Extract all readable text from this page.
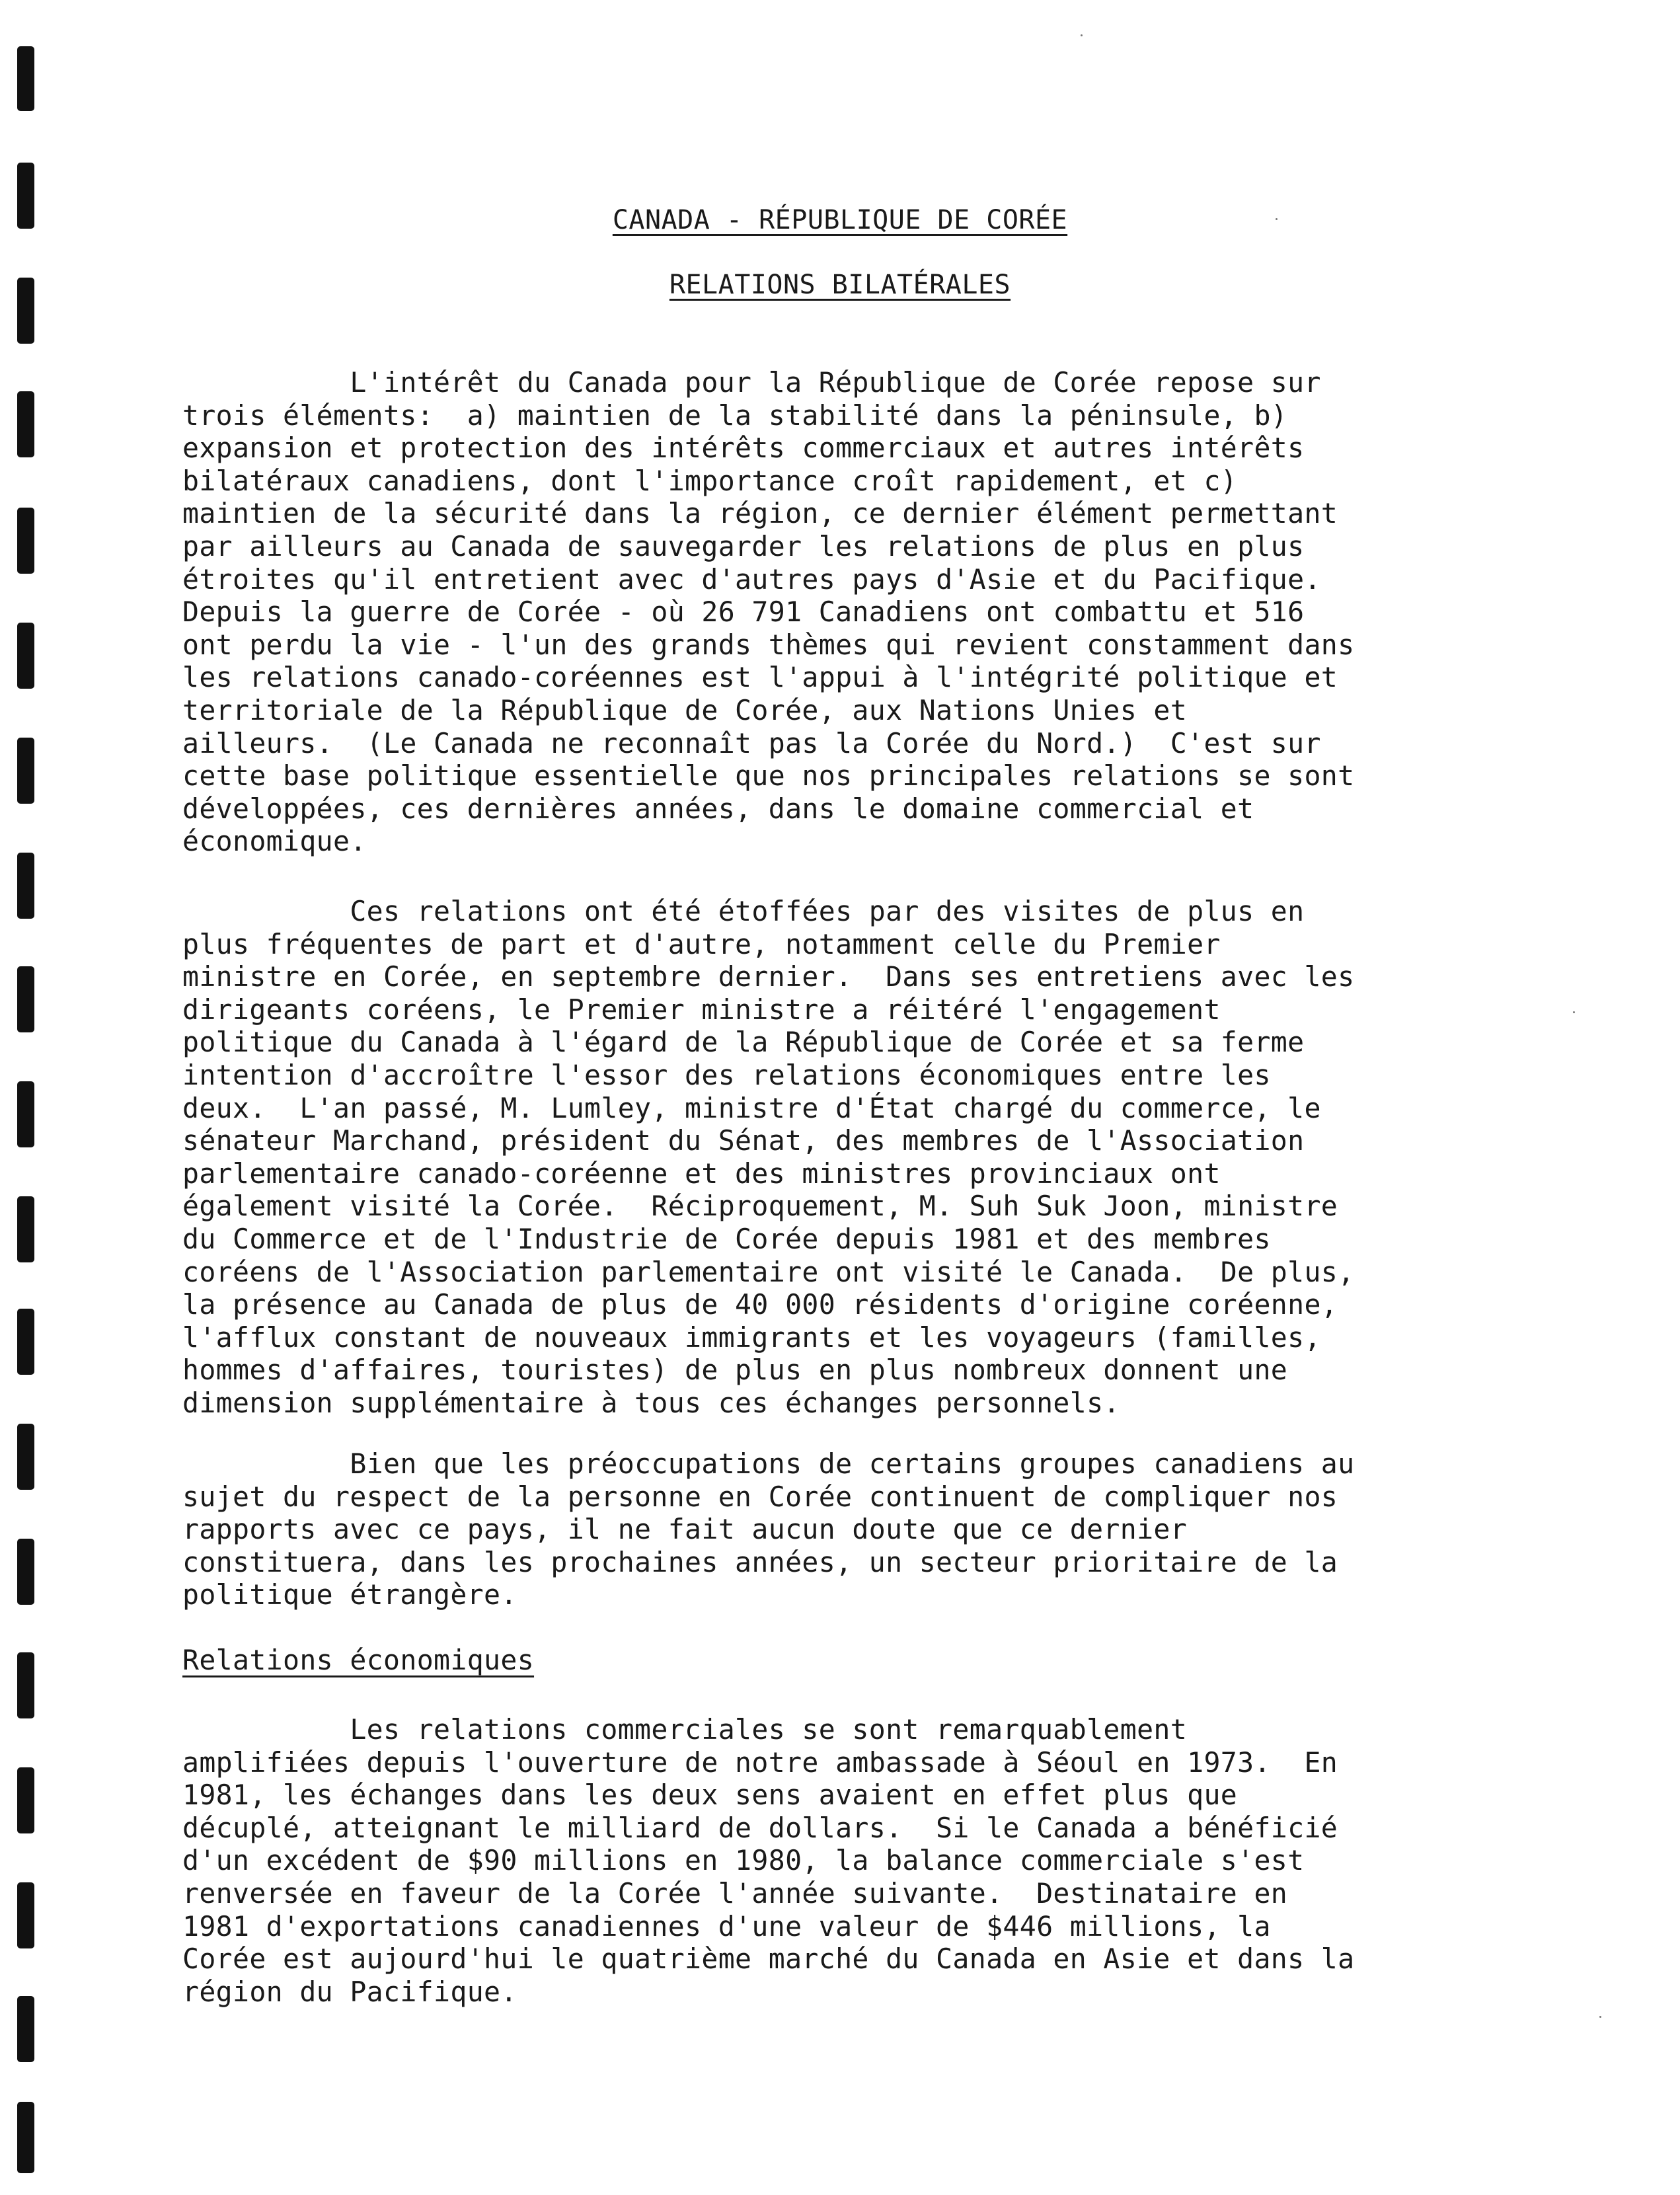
CANADA - RÉPUBLIQUE DE CORÉE
RELATIONS BILATÉRALES

L'intérêt du Canada pour la République de Corée repose sur
trois éléments:  a) maintien de la stabilité dans la péninsule, b)
expansion et protection des intérêts commerciaux et autres intérêts
bilatéraux canadiens, dont l'importance croît rapidement, et c)
maintien de la sécurité dans la région, ce dernier élément permettant
par ailleurs au Canada de sauvegarder les relations de plus en plus
étroites qu'il entretient avec d'autres pays d'Asie et du Pacifique.
Depuis la guerre de Corée - où 26 791 Canadiens ont combattu et 516
ont perdu la vie - l'un des grands thèmes qui revient constamment dans
les relations canado-coréennes est l'appui à l'intégrité politique et
territoriale de la République de Corée, aux Nations Unies et
ailleurs.  (Le Canada ne reconnaît pas la Corée du Nord.)  C'est sur
cette base politique essentielle que nos principales relations se sont
développées, ces dernières années, dans le domaine commercial et
économique.

Ces relations ont été étoffées par des visites de plus en
plus fréquentes de part et d'autre, notamment celle du Premier
ministre en Corée, en septembre dernier.  Dans ses entretiens avec les
dirigeants coréens, le Premier ministre a réitéré l'engagement
politique du Canada à l'égard de la République de Corée et sa ferme
intention d'accroître l'essor des relations économiques entre les
deux.  L'an passé, M. Lumley, ministre d'État chargé du commerce, le
sénateur Marchand, président du Sénat, des membres de l'Association
parlementaire canado-coréenne et des ministres provinciaux ont
également visité la Corée.  Réciproquement, M. Suh Suk Joon, ministre
du Commerce et de l'Industrie de Corée depuis 1981 et des membres
coréens de l'Association parlementaire ont visité le Canada.  De plus,
la présence au Canada de plus de 40 000 résidents d'origine coréenne,
l'afflux constant de nouveaux immigrants et les voyageurs (familles,
hommes d'affaires, touristes) de plus en plus nombreux donnent une
dimension supplémentaire à tous ces échanges personnels.

Bien que les préoccupations de certains groupes canadiens au
sujet du respect de la personne en Corée continuent de compliquer nos
rapports avec ce pays, il ne fait aucun doute que ce dernier
constituera, dans les prochaines années, un secteur prioritaire de la
politique étrangère.

Relations économiques

Les relations commerciales se sont remarquablement
amplifiées depuis l'ouverture de notre ambassade à Séoul en 1973.  En
1981, les échanges dans les deux sens avaient en effet plus que
décuplé, atteignant le milliard de dollars.  Si le Canada a bénéficié
d'un excédent de $90 millions en 1980, la balance commerciale s'est
renversée en faveur de la Corée l'année suivante.  Destinataire en
1981 d'exportations canadiennes d'une valeur de $446 millions, la
Corée est aujourd'hui le quatrième marché du Canada en Asie et dans la
région du Pacifique.
